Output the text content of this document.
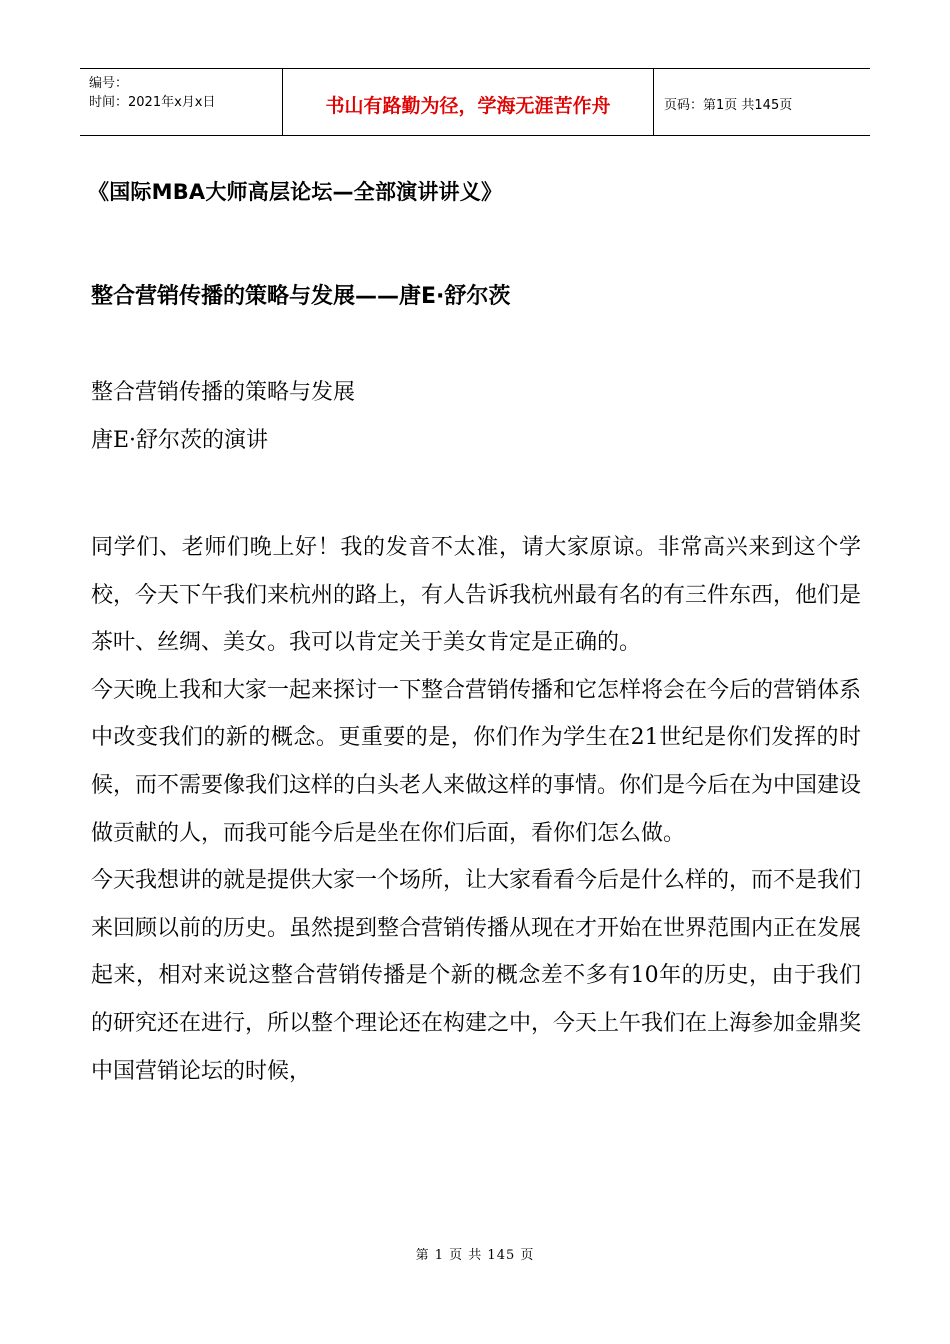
编号：
时间：2021年x月x日	书山有路勤为径，学海无涯苦作舟	页码：第1页 共145页
《国际MBA大师高层论坛—全部演讲讲义》
整合营销传播的策略与发展——唐E·舒尔茨
整合营销传播的策略与发展
唐E·舒尔茨的演讲

同学们、老师们晚上好！我的发音不太准，请大家原谅。非常高兴来到这个学校，今天下午我们来杭州的路上，有人告诉我杭州最有名的有三件东西，他们是茶叶、丝绸、美女。我可以肯定关于美女肯定是正确的。

今天晚上我和大家一起来探讨一下整合营销传播和它怎样将会在今后的营销体系中改变我们的新的概念。更重要的是，你们作为学生在21世纪是你们发挥的时候，而不需要像我们这样的白头老人来做这样的事情。你们是今后在为中国建设做贡献的人，而我可能今后是坐在你们后面，看你们怎么做。

今天我想讲的就是提供大家一个场所，让大家看看今后是什么样的，而不是我们来回顾以前的历史。虽然提到整合营销传播从现在才开始在世界范围内正在发展起来，相对来说这整合营销传播是个新的概念差不多有10年的历史，由于我们的研究还在进行，所以整个理论还在构建之中，今天上午我们在上海参加金鼎奖中国营销论坛的时候，

第 1 页 共 145 页
